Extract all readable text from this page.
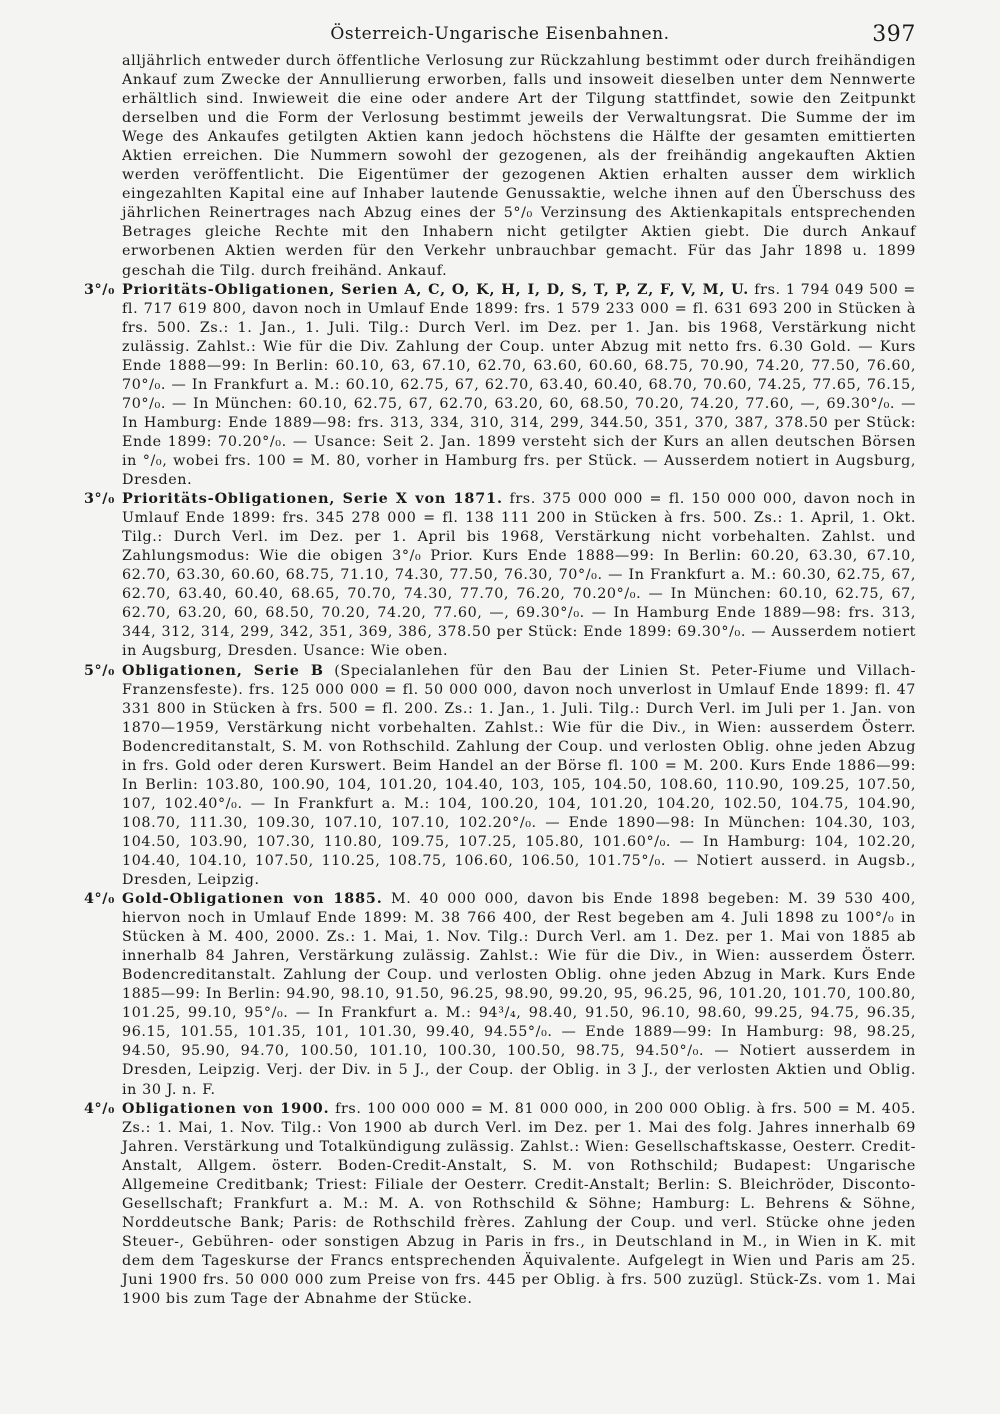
Österreich-Ungarische Eisenbahnen.	397

alljährlich entweder durch öffentliche Verlosung zur Rückzahlung bestimmt oder durch freihändigen Ankauf zum Zwecke der Annullierung erworben, falls und insoweit dieselben unter dem Nennwerte erhältlich sind. Inwieweit die eine oder andere Art der Tilgung stattfindet, sowie den Zeitpunkt derselben und die Form der Verlosung bestimmt jeweils der Verwaltungsrat. Die Summe der im Wege des Ankaufes getilgten Aktien kann jedoch höchstens die Hälfte der gesamten emittierten Aktien erreichen. Die Nummern sowohl der gezogenen, als der freihändig angekauften Aktien werden veröffentlicht. Die Eigentümer der gezogenen Aktien erhalten ausser dem wirklich eingezahlten Kapital eine auf Inhaber lautende Genussaktie, welche ihnen auf den Überschuss des jährlichen Reinertrages nach Abzug eines der 5°/₀ Verzinsung des Aktienkapitals entsprechenden Betrages gleiche Rechte mit den Inhabern nicht getilgter Aktien giebt. Die durch Ankauf erworbenen Aktien werden für den Verkehr unbrauchbar gemacht. Für das Jahr 1898 u. 1899 geschah die Tilg. durch freihänd. Ankauf.

3°/₀ Prioritäts-Obligationen, Serien A, C, O, K, H, I, D, S, T, P, Z, F, V, M, U. frs. 1 794 049 500 = fl. 717 619 800, davon noch in Umlauf Ende 1899: frs. 1 579 233 000 = fl. 631 693 200 in Stücken à frs. 500. Zs.: 1. Jan., 1. Juli. Tilg.: Durch Verl. im Dez. per 1. Jan. bis 1968, Verstärkung nicht zulässig. Zahlst.: Wie für die Div. Zahlung der Coup. unter Abzug mit netto frs. 6.30 Gold. — Kurs Ende 1888—99: In Berlin: 60.10, 63, 67.10, 62.70, 63.60, 60.60, 68.75, 70.90, 74.20, 77.50, 76.60, 70°/₀. — In Frankfurt a. M.: 60.10, 62.75, 67, 62.70, 63.40, 60.40, 68.70, 70.60, 74.25, 77.65, 76.15, 70°/₀. — In München: 60.10, 62.75, 67, 62.70, 63.20, 60, 68.50, 70.20, 74.20, 77.60, —, 69.30°/₀. — In Hamburg: Ende 1889—98: frs. 313, 334, 310, 314, 299, 344.50, 351, 370, 387, 378.50 per Stück: Ende 1899: 70.20°/₀. — Usance: Seit 2. Jan. 1899 versteht sich der Kurs an allen deutschen Börsen in °/₀, wobei frs. 100 = M. 80, vorher in Hamburg frs. per Stück. — Ausserdem notiert in Augsburg, Dresden.
3°/₀ Prioritäts-Obligationen, Serie X von 1871. frs. 375 000 000 = fl. 150 000 000, davon noch in Umlauf Ende 1899: frs. 345 278 000 = fl. 138 111 200 in Stücken à frs. 500. Zs.: 1. April, 1. Okt. Tilg.: Durch Verl. im Dez. per 1. April bis 1968, Verstärkung nicht vorbehalten. Zahlst. und Zahlungsmodus: Wie die obigen 3°/₀ Prior. Kurs Ende 1888—99: In Berlin: 60.20, 63.30, 67.10, 62.70, 63.30, 60.60, 68.75, 71.10, 74.30, 77.50, 76.30, 70°/₀. — In Frankfurt a. M.: 60.30, 62.75, 67, 62.70, 63.40, 60.40, 68.65, 70.70, 74.30, 77.70, 76.20, 70.20°/₀. — In München: 60.10, 62.75, 67, 62.70, 63.20, 60, 68.50, 70.20, 74.20, 77.60, —, 69.30°/₀. — In Hamburg Ende 1889—98: frs. 313, 344, 312, 314, 299, 342, 351, 369, 386, 378.50 per Stück: Ende 1899: 69.30°/₀. — Ausserdem notiert in Augsburg, Dresden. Usance: Wie oben.
5°/₀ Obligationen, Serie B (Specialanlehen für den Bau der Linien St. Peter-Fiume und Villach-Franzensfeste). frs. 125 000 000 = fl. 50 000 000, davon noch unverlost in Umlauf Ende 1899: fl. 47 331 800 in Stücken à frs. 500 = fl. 200. Zs.: 1. Jan., 1. Juli. Tilg.: Durch Verl. im Juli per 1. Jan. von 1870—1959, Verstärkung nicht vorbehalten. Zahlst.: Wie für die Div., in Wien: ausserdem Österr. Bodencreditanstalt, S. M. von Rothschild. Zahlung der Coup. und verlosten Oblig. ohne jeden Abzug in frs. Gold oder deren Kurswert. Beim Handel an der Börse fl. 100 = M. 200. Kurs Ende 1886—99: In Berlin: 103.80, 100.90, 104, 101.20, 104.40, 103, 105, 104.50, 108.60, 110.90, 109.25, 107.50, 107, 102.40°/₀. — In Frankfurt a. M.: 104, 100.20, 104, 101.20, 104.20, 102.50, 104.75, 104.90, 108.70, 111.30, 109.30, 107.10, 107.10, 102.20°/₀. — Ende 1890—98: In München: 104.30, 103, 104.50, 103.90, 107.30, 110.80, 109.75, 107.25, 105.80, 101.60°/₀. — In Hamburg: 104, 102.20, 104.40, 104.10, 107.50, 110.25, 108.75, 106.60, 106.50, 101.75°/₀. — Notiert ausserd. in Augsb., Dresden, Leipzig.
4°/₀ Gold-Obligationen von 1885. M. 40 000 000, davon bis Ende 1898 begeben: M. 39 530 400, hiervon noch in Umlauf Ende 1899: M. 38 766 400, der Rest begeben am 4. Juli 1898 zu 100°/₀ in Stücken à M. 400, 2000. Zs.: 1. Mai, 1. Nov. Tilg.: Durch Verl. am 1. Dez. per 1. Mai von 1885 ab innerhalb 84 Jahren, Verstärkung zulässig. Zahlst.: Wie für die Div., in Wien: ausserdem Österr. Bodencreditanstalt. Zahlung der Coup. und verlosten Oblig. ohne jeden Abzug in Mark. Kurs Ende 1885—99: In Berlin: 94.90, 98.10, 91.50, 96.25, 98.90, 99.20, 95, 96.25, 96, 101.20, 101.70, 100.80, 101.25, 99.10, 95°/₀. — In Frankfurt a. M.: 94³/₄, 98.40, 91.50, 96.10, 98.60, 99.25, 94.75, 96.35, 96.15, 101.55, 101.35, 101, 101.30, 99.40, 94.55°/₀. — Ende 1889—99: In Hamburg: 98, 98.25, 94.50, 95.90, 94.70, 100.50, 101.10, 100.30, 100.50, 98.75, 94.50°/₀. — Notiert ausserdem in Dresden, Leipzig. Verj. der Div. in 5 J., der Coup. der Oblig. in 3 J., der verlosten Aktien und Oblig. in 30 J. n. F.
4°/₀ Obligationen von 1900. frs. 100 000 000 = M. 81 000 000, in 200 000 Oblig. à frs. 500 = M. 405. Zs.: 1. Mai, 1. Nov. Tilg.: Von 1900 ab durch Verl. im Dez. per 1. Mai des folg. Jahres innerhalb 69 Jahren. Verstärkung und Totalkündigung zulässig. Zahlst.: Wien: Gesellschaftskasse, Oesterr. Credit-Anstalt, Allgem. österr. Boden-Credit-Anstalt, S. M. von Rothschild; Budapest: Ungarische Allgemeine Creditbank; Triest: Filiale der Oesterr. Credit-Anstalt; Berlin: S. Bleichröder, Disconto-Gesellschaft; Frankfurt a. M.: M. A. von Rothschild & Söhne; Hamburg: L. Behrens & Söhne, Norddeutsche Bank; Paris: de Rothschild frères. Zahlung der Coup. und verl. Stücke ohne jeden Steuer-, Gebühren- oder sonstigen Abzug in Paris in frs., in Deutschland in M., in Wien in K. mit dem dem Tageskurse der Francs entsprechenden Äquivalente. Aufgelegt in Wien und Paris am 25. Juni 1900 frs. 50 000 000 zum Preise von frs. 445 per Oblig. à frs. 500 zuzügl. Stück-Zs. vom 1. Mai 1900 bis zum Tage der Abnahme der Stücke.
